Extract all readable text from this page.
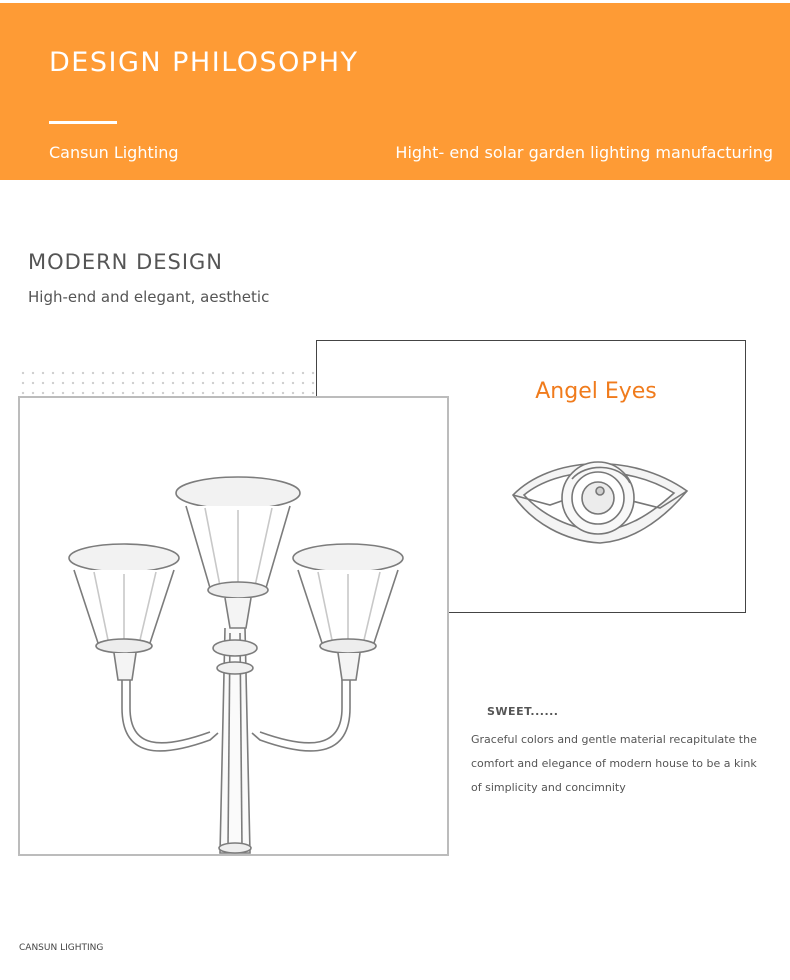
DESIGN PHILOSOPHY
Cansun Lighting	Hight- end solar garden lighting manufacturing
MODERN DESIGN
High-end and elegant, aesthetic
Angel Eyes
SWEET......
Graceful colors and gentle material recapitulate the
comfort and elegance of modern house to be a kink
of simplicity and concimnity
CANSUN LIGHTING
